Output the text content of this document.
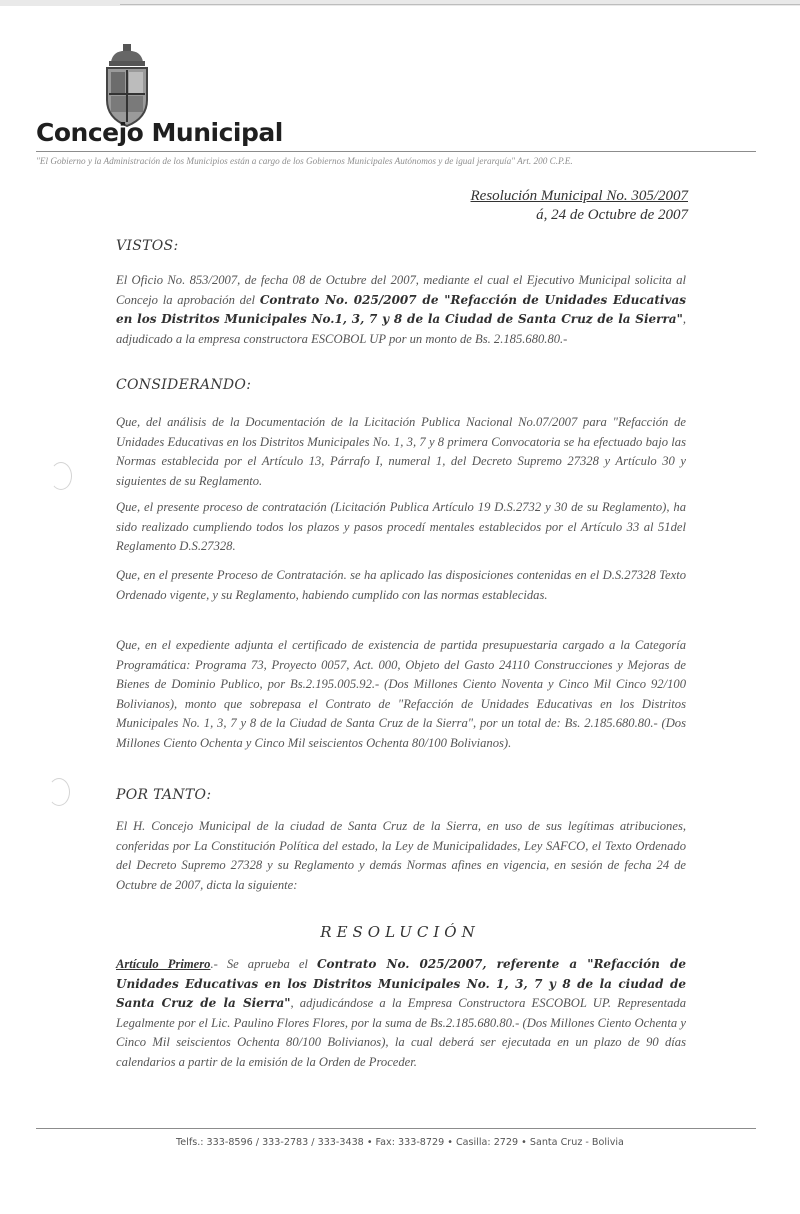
Concejo Municipal
"El Gobierno y la Administración de los Municipios están a cargo de los Gobiernos Municipales Autónomos y de igual jerarquía" Art. 200 C.P.E.
Resolución Municipal No. 305/2007
á, 24 de Octubre de 2007
VISTOS:
El Oficio No. 853/2007, de fecha 08 de Octubre del 2007, mediante el cual el Ejecutivo Municipal solicita al Concejo la aprobación del Contrato No. 025/2007 de "Refacción de Unidades Educativas en los Distritos Municipales No.1, 3, 7 y 8 de la Ciudad de Santa Cruz de la Sierra", adjudicado a la empresa constructora ESCOBOL UP por un monto de Bs. 2.185.680.80.-
CONSIDERANDO:
Que, del análisis de la Documentación de la Licitación Publica Nacional No.07/2007 para "Refacción de Unidades Educativas en los Distritos Municipales No. 1, 3, 7 y 8 primera Convocatoria se ha efectuado bajo las Normas establecida por el Artículo 13, Párrafo I, numeral 1, del Decreto Supremo 27328 y Artículo 30 y siguientes de su Reglamento.
Que, el presente proceso de contratación (Licitación Publica Artículo 19 D.S.2732 y 30 de su Reglamento), ha sido realizado cumpliendo todos los plazos y pasos procedí mentales establecidos por el Artículo 33 al 51del Reglamento D.S.27328.
Que, en el presente Proceso de Contratación. se ha aplicado las disposiciones contenidas en el D.S.27328 Texto Ordenado vigente, y su Reglamento, habiendo cumplido con las normas establecidas.
Que, en el expediente adjunta el certificado de existencia de partida presupuestaria cargado a la Categoría Programática: Programa 73, Proyecto 0057, Act. 000, Objeto del Gasto 24110 Construcciones y Mejoras de Bienes de Dominio Publico, por Bs.2.195.005.92.- (Dos Millones Ciento Noventa y Cinco Mil Cinco 92/100 Bolivianos), monto que sobrepasa el Contrato de "Refacción de Unidades Educativas en los Distritos Municipales No. 1, 3, 7 y 8 de la Ciudad de Santa Cruz de la Sierra", por un total de: Bs. 2.185.680.80.- (Dos Millones Ciento Ochenta y Cinco Mil seiscientos Ochenta 80/100 Bolivianos).
POR TANTO:
El H. Concejo Municipal de la ciudad de Santa Cruz de la Sierra, en uso de sus legítimas atribuciones, conferidas por La Constitución Política del estado, la Ley de Municipalidades, Ley SAFCO, el Texto Ordenado del Decreto Supremo 27328 y su Reglamento y demás Normas afines en vigencia, en sesión de fecha 24 de Octubre de 2007, dicta la siguiente:
RESOLUCIÓN
Artículo Primero.- Se aprueba el Contrato No. 025/2007, referente a "Refacción de Unidades Educativas en los Distritos Municipales No. 1, 3, 7 y 8 de la ciudad de Santa Cruz de la Sierra", adjudicándose a la Empresa Constructora ESCOBOL UP. Representada Legalmente por el Lic. Paulino Flores Flores, por la suma de Bs.2.185.680.80.- (Dos Millones Ciento Ochenta y Cinco Mil seiscientos Ochenta 80/100 Bolivianos), la cual deberá ser ejecutada en un plazo de 90 días calendarios a partir de la emisión de la Orden de Proceder.
Telfs.: 333-8596 / 333-2783 / 333-3438 • Fax: 333-8729 • Casilla: 2729 • Santa Cruz - Bolivia
